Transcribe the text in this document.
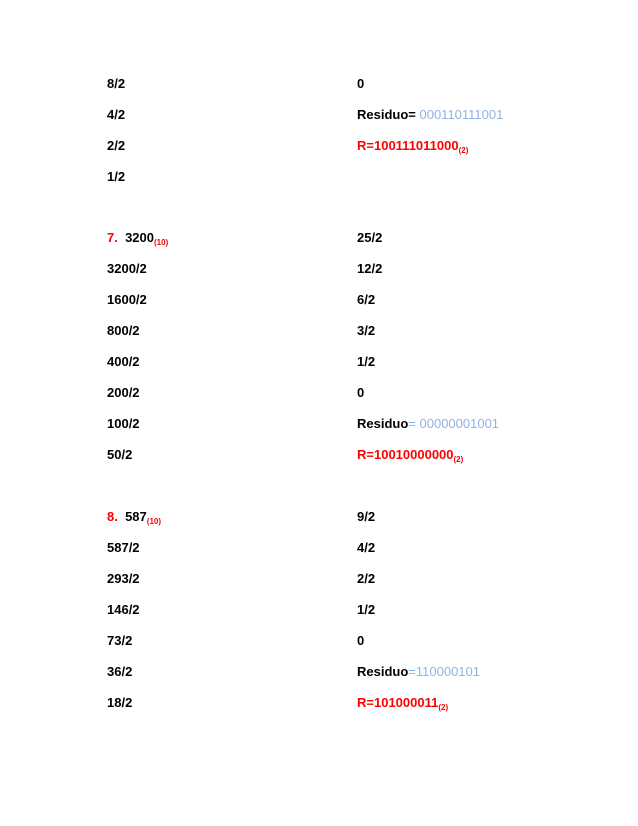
8/2
4/2
2/2
1/2
0
Residuo= 000110111001
$R=100111011000_{(2)}$
7. $3200_{(10)}$
3200/2
1600/2
800/2
400/2
200/2
100/2
50/2
25/2
12/2
6/2
3/2
1/2
0
Residuo= 00000001001
$R=10010000000_{(2)}$
8. $587_{(10)}$
587/2
293/2
146/2
73/2
36/2
18/2
9/2
4/2
2/2
1/2
0
Residuo=110000101
$R=101000011_{(2)}$
